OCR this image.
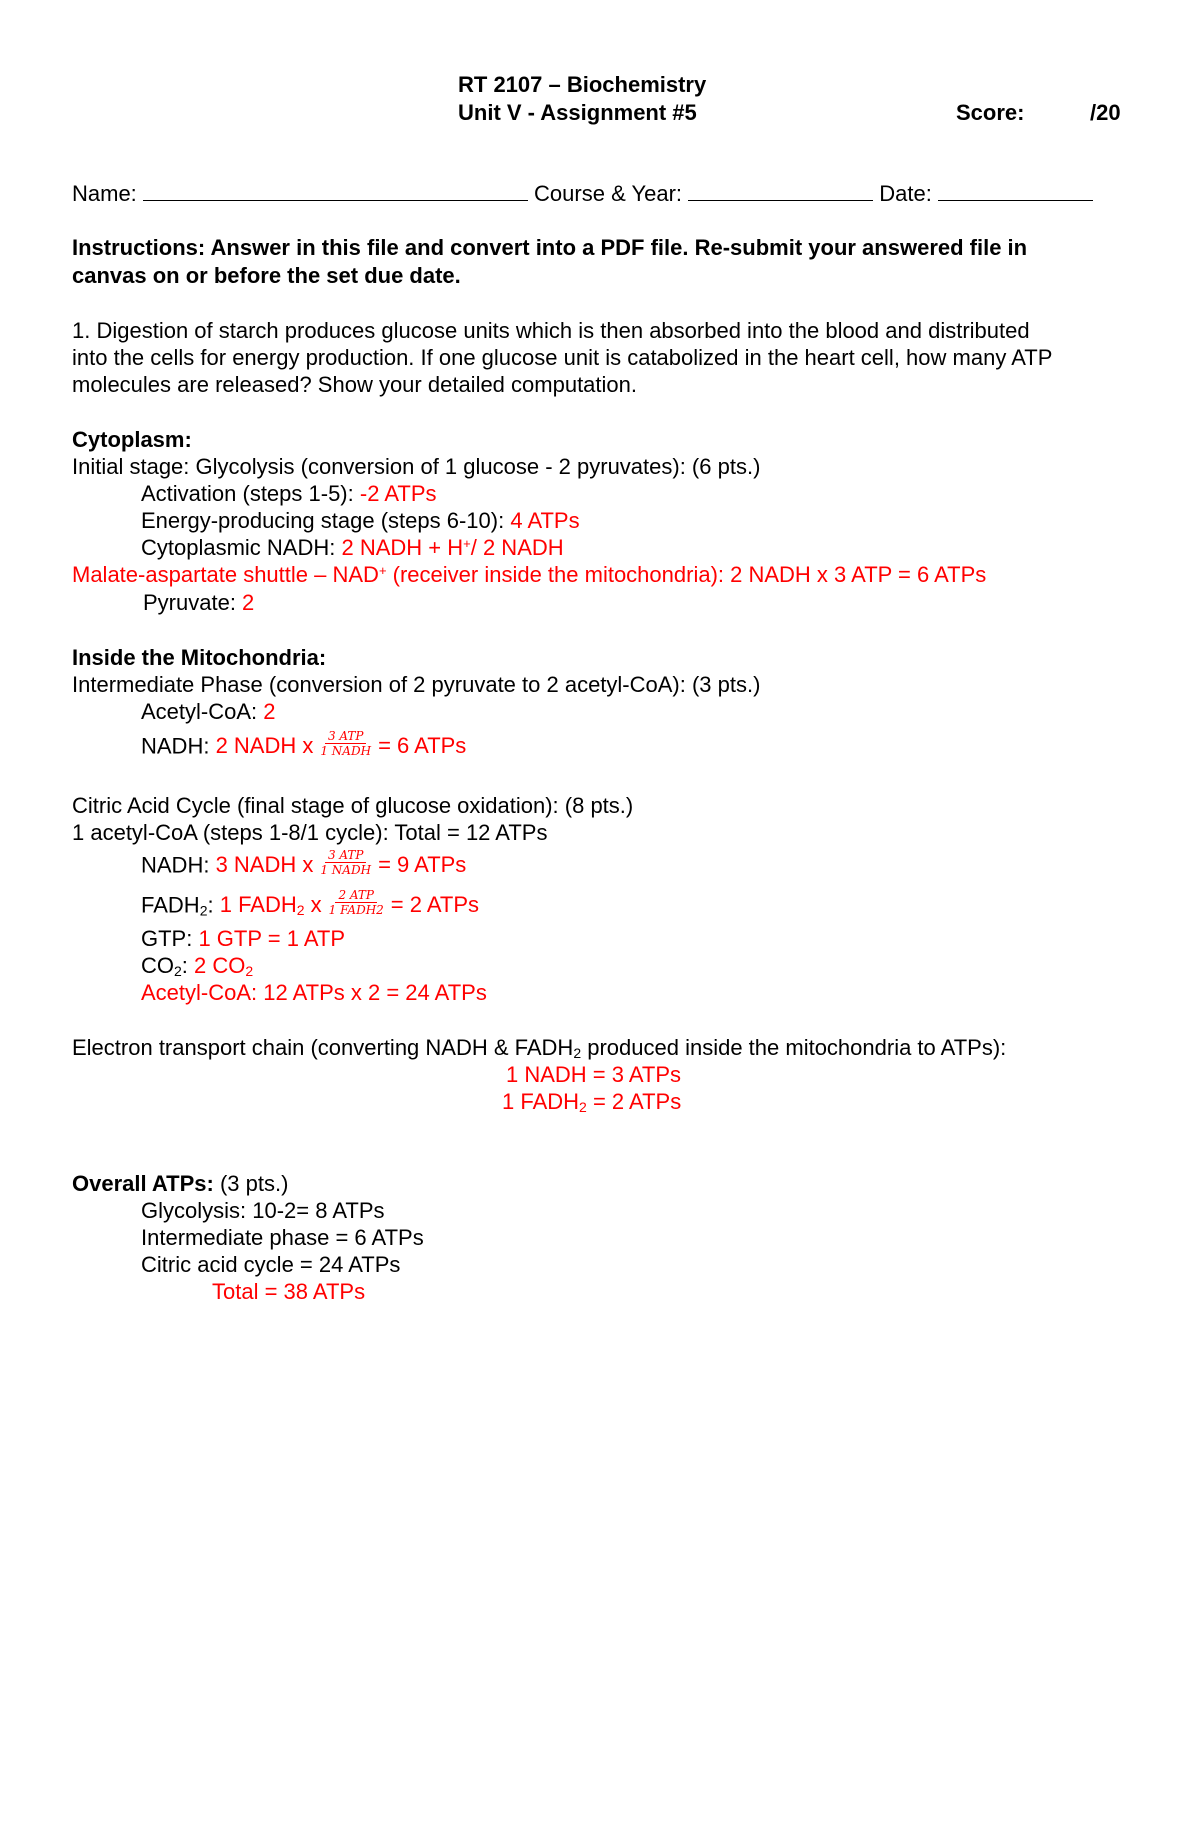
RT 2107 – Biochemistry
Unit V - Assignment #5	Score:	/20
Name:	Course & Year:	Date:
Instructions: Answer in this file and convert into a PDF file. Re-submit your answered file in
canvas on or before the set due date.
1. Digestion of starch produces glucose units which is then absorbed into the blood and distributed
into the cells for energy production. If one glucose unit is catabolized in the heart cell, how many ATP
molecules are released? Show your detailed computation.
Cytoplasm:
Initial stage: Glycolysis (conversion of 1 glucose - 2 pyruvates): (6 pts.)
Activation (steps 1-5): -2 ATPs
Energy-producing stage (steps 6-10): 4 ATPs
Cytoplasmic NADH: 2 NADH + H+/ 2 NADH
Malate-aspartate shuttle – NAD+ (receiver inside the mitochondria): 2 NADH x 3 ATP = 6 ATPs
Pyruvate: 2
Inside the Mitochondria:
Intermediate Phase (conversion of 2 pyruvate to 2 acetyl-CoA): (3 pts.)
Acetyl-CoA: 2
NADH: 2 NADH x $\frac{\text{3 ATP}}{\text{1 NADH}} = 6$ ATPs
Citric Acid Cycle (final stage of glucose oxidation): (8 pts.)
1 acetyl-CoA (steps 1-8/1 cycle): Total = 12 ATPs
NADH: 3 NADH x $\frac{\text{3 ATP}}{\text{1 NADH}} = 9$ ATPs
$FADH_2$: 1 $FADH_2$ x $\frac{\text{2 ATP}}{\text{1 FADH2}} = 2$ ATPs
GTP: 1 GTP = 1 ATP
$CO_2$: 2 $CO_2$
Acetyl-CoA: 12 ATPs x 2 = 24 ATPs
Electron transport chain (converting NADH & $FADH_2$ produced inside the mitochondria to ATPs):
1 NADH = 3 ATPs
1 $FADH_2 = 2$ ATPs
Overall ATPs: (3 pts.)
Glycolysis: 10-2= 8 ATPs
Intermediate phase = 6 ATPs
Citric acid cycle = 24 ATPs
Total = 38 ATPs
